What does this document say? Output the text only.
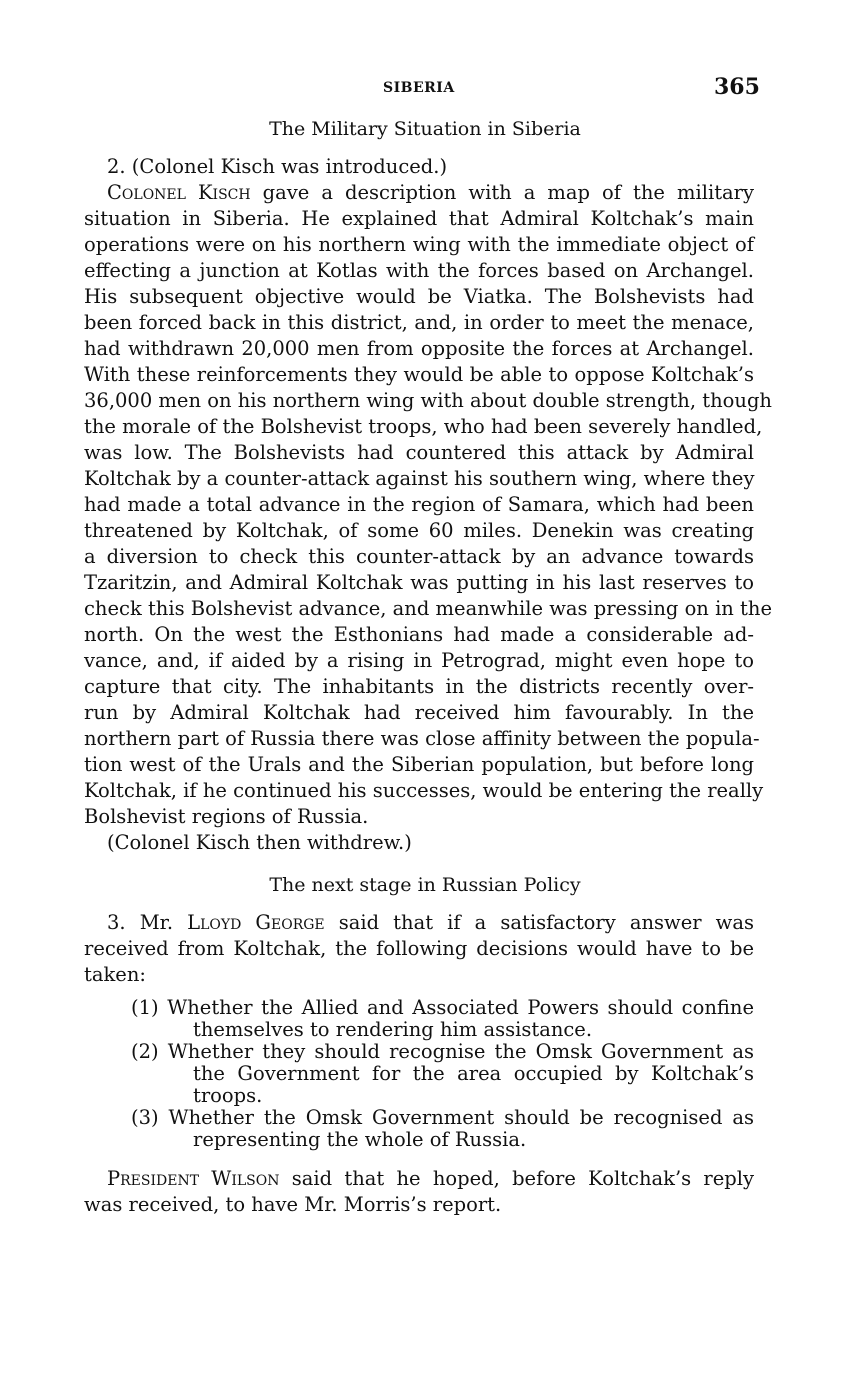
SIBERIA	365
The Military Situation in Siberia
2. (Colonel Kisch was introduced.)
Colonel Kisch gave a description with a map of the military
situation in Siberia. He explained that Admiral Koltchak’s main
operations were on his northern wing with the immediate object of
effecting a junction at Kotlas with the forces based on Archangel.
His subsequent objective would be Viatka. The Bolshevists had
been forced back in this district, and, in order to meet the menace,
had withdrawn 20,000 men from opposite the forces at Archangel.
With these reinforcements they would be able to oppose Koltchak’s
36,000 men on his northern wing with about double strength, though
the morale of the Bolshevist troops, who had been severely handled,
was low. The Bolshevists had countered this attack by Admiral
Koltchak by a counter-attack against his southern wing, where they
had made a total advance in the region of Samara, which had been
threatened by Koltchak, of some 60 miles. Denekin was creating
a diversion to check this counter-attack by an advance towards
Tzaritzin, and Admiral Koltchak was putting in his last reserves to
check this Bolshevist advance, and meanwhile was pressing on in the
north. On the west the Esthonians had made a considerable ad-
vance, and, if aided by a rising in Petrograd, might even hope to
capture that city. The inhabitants in the districts recently over-
run by Admiral Koltchak had received him favourably. In the
northern part of Russia there was close affinity between the popula-
tion west of the Urals and the Siberian population, but before long
Koltchak, if he continued his successes, would be entering the really
Bolshevist regions of Russia.
(Colonel Kisch then withdrew.)
The next stage in Russian Policy
3. Mr. Lloyd George said that if a satisfactory answer was
received from Koltchak, the following decisions would have to be
taken:
(1) Whether the Allied and Associated Powers should confine
themselves to rendering him assistance.
(2) Whether they should recognise the Omsk Government as
the Government for the area occupied by Koltchak’s
troops.
(3) Whether the Omsk Government should be recognised as
representing the whole of Russia.
President Wilson said that he hoped, before Koltchak’s reply
was received, to have Mr. Morris’s report.
